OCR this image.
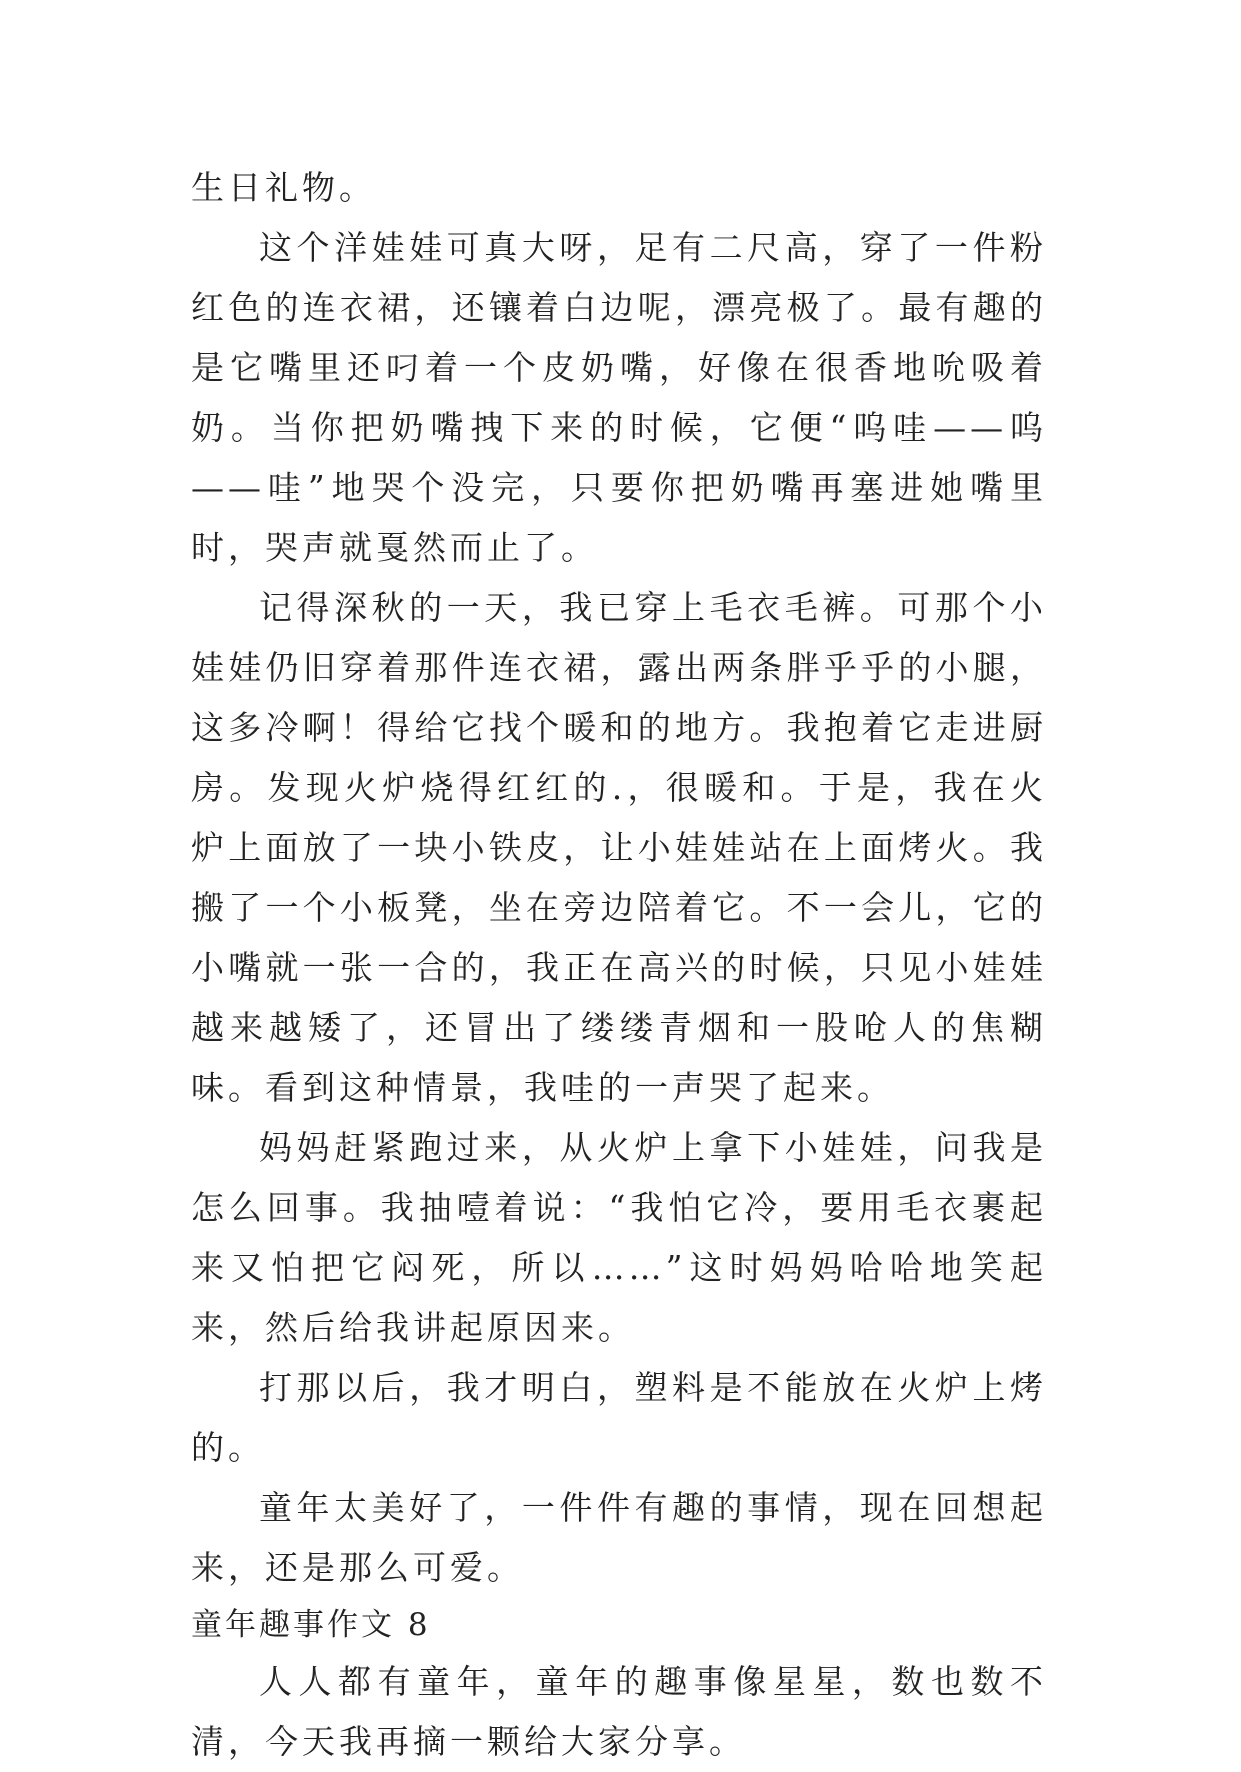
生日礼物。

这个洋娃娃可真大呀，足有二尺高，穿了一件粉红色的连衣裙，还镶着白边呢，漂亮极了。最有趣的是它嘴里还叼着一个皮奶嘴，好像在很香地吮吸着奶。当你把奶嘴拽下来的时候，它便“呜哇——呜——哇”地哭个没完，只要你把奶嘴再塞进她嘴里时，哭声就戛然而止了。

记得深秋的一天，我已穿上毛衣毛裤。可那个小娃娃仍旧穿着那件连衣裙，露出两条胖乎乎的小腿，这多冷啊！得给它找个暖和的地方。我抱着它走进厨房。发现火炉烧得红红的.，很暖和。于是，我在火炉上面放了一块小铁皮，让小娃娃站在上面烤火。我搬了一个小板凳，坐在旁边陪着它。不一会儿，它的小嘴就一张一合的，我正在高兴的时候，只见小娃娃越来越矮了，还冒出了缕缕青烟和一股呛人的焦糊味。看到这种情景，我哇的一声哭了起来。

妈妈赶紧跑过来，从火炉上拿下小娃娃，问我是怎么回事。我抽噎着说：“我怕它冷，要用毛衣裹起来又怕把它闷死，所以……”这时妈妈哈哈地笑起来，然后给我讲起原因来。

打那以后，我才明白，塑料是不能放在火炉上烤的。

童年太美好了，一件件有趣的事情，现在回想起来，还是那么可爱。

童年趣事作文 8

人人都有童年，童年的趣事像星星，数也数不清，今天我再摘一颗给大家分享。
